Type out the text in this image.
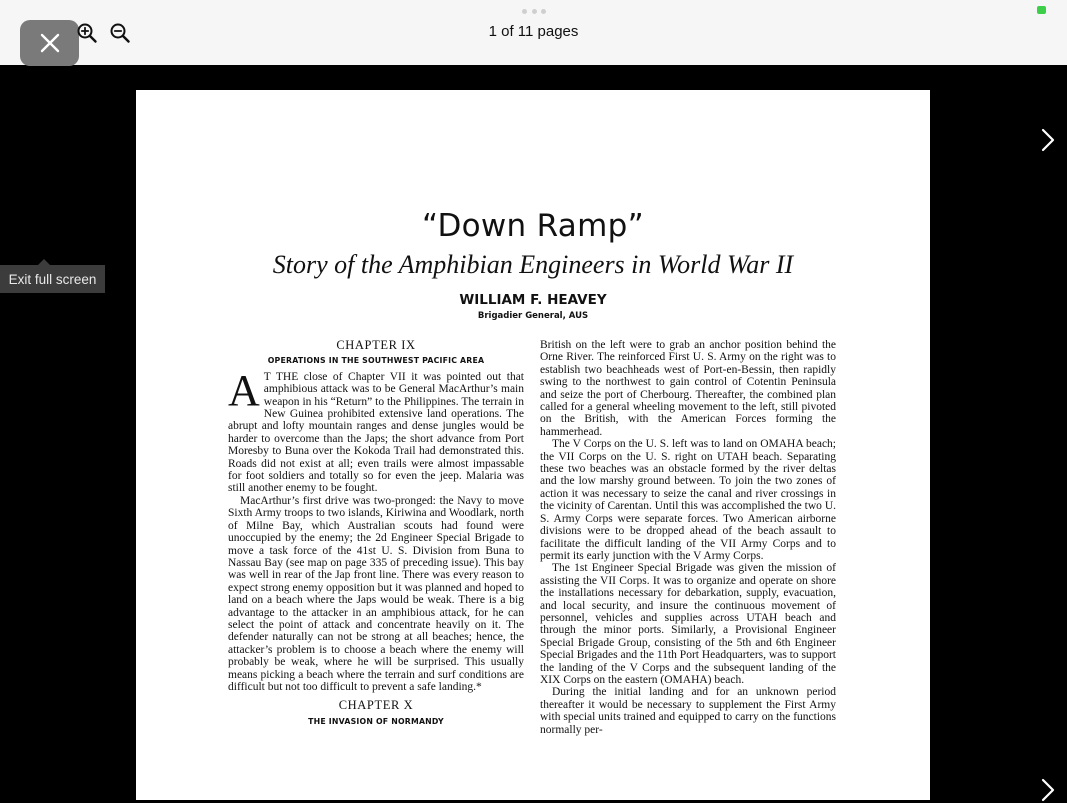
1 of 11 pages
Exit full screen
“Down Ramp”
Story of the Amphibian Engineers in World War II
WILLIAM F. HEAVEY
Brigadier General, AUS
CHAPTER IX
OPERATIONS IN THE SOUTHWEST PACIFIC AREA

A T THE close of Chapter VII it was pointed out that amphibious attack was to be General MacArthur’s main weapon in his “Return” to the Philippines. The terrain in New Guinea prohibited extensive land operations. The abrupt and lofty mountain ranges and dense jungles would be harder to overcome than the Japs; the short advance from Port Moresby to Buna over the Kokoda Trail had demonstrated this. Roads did not exist at all; even trails were almost impassable for foot soldiers and totally so for even the jeep. Malaria was still another enemy to be fought.

MacArthur’s first drive was two-pronged: the Navy to move Sixth Army troops to two islands, Kiriwina and Woodlark, north of Milne Bay, which Australian scouts had found were unoccupied by the enemy; the 2d Engineer Special Brigade to move a task force of the 41st U. S. Division from Buna to Nassau Bay (see map on page 335 of preceding issue). This bay was well in rear of the Jap front line. There was every reason to expect strong enemy opposition but it was planned and hoped to land on a beach where the Japs would be weak. There is a big advantage to the attacker in an amphibious attack, for he can select the point of attack and concentrate heavily on it. The defender naturally can not be strong at all beaches; hence, the attacker’s problem is to choose a beach where the enemy will probably be weak, where he will be surprised. This usually means picking a beach where the terrain and surf conditions are difficult but not too difficult to prevent a safe landing.*

CHAPTER X
THE INVASION OF NORMANDY

British on the left were to grab an anchor position behind the Orne River. The reinforced First U. S. Army on the right was to establish two beachheads west of Port-en-Bessin, then rapidly swing to the northwest to gain control of Cotentin Peninsula and seize the port of Cherbourg. Thereafter, the combined plan called for a general wheeling movement to the left, still pivoted on the British, with the American Forces forming the hammerhead.

The V Corps on the U. S. left was to land on OMAHA beach; the VII Corps on the U. S. right on UTAH beach. Separating these two beaches was an obstacle formed by the river deltas and the low marshy ground between. To join the two zones of action it was necessary to seize the canal and river crossings in the vicinity of Carentan. Until this was accomplished the two U. S. Army Corps were separate forces. Two American airborne divisions were to be dropped ahead of the beach assault to facilitate the difficult landing of the VII Army Corps and to permit its early junction with the V Army Corps.

The 1st Engineer Special Brigade was given the mission of assisting the VII Corps. It was to organize and operate on shore the installations necessary for debarkation, supply, evacuation, and local security, and insure the continuous movement of personnel, vehicles and supplies across UTAH beach and through the minor ports. Similarly, a Provisional Engineer Special Brigade Group, consisting of the 5th and 6th Engineer Special Brigades and the 11th Port Headquarters, was to support the landing of the V Corps and the subsequent landing of the XIX Corps on the eastern (OMAHA) beach.

During the initial landing and for an unknown period thereafter it would be necessary to supplement the First Army with special units trained and equipped to carry on the functions normally per-
